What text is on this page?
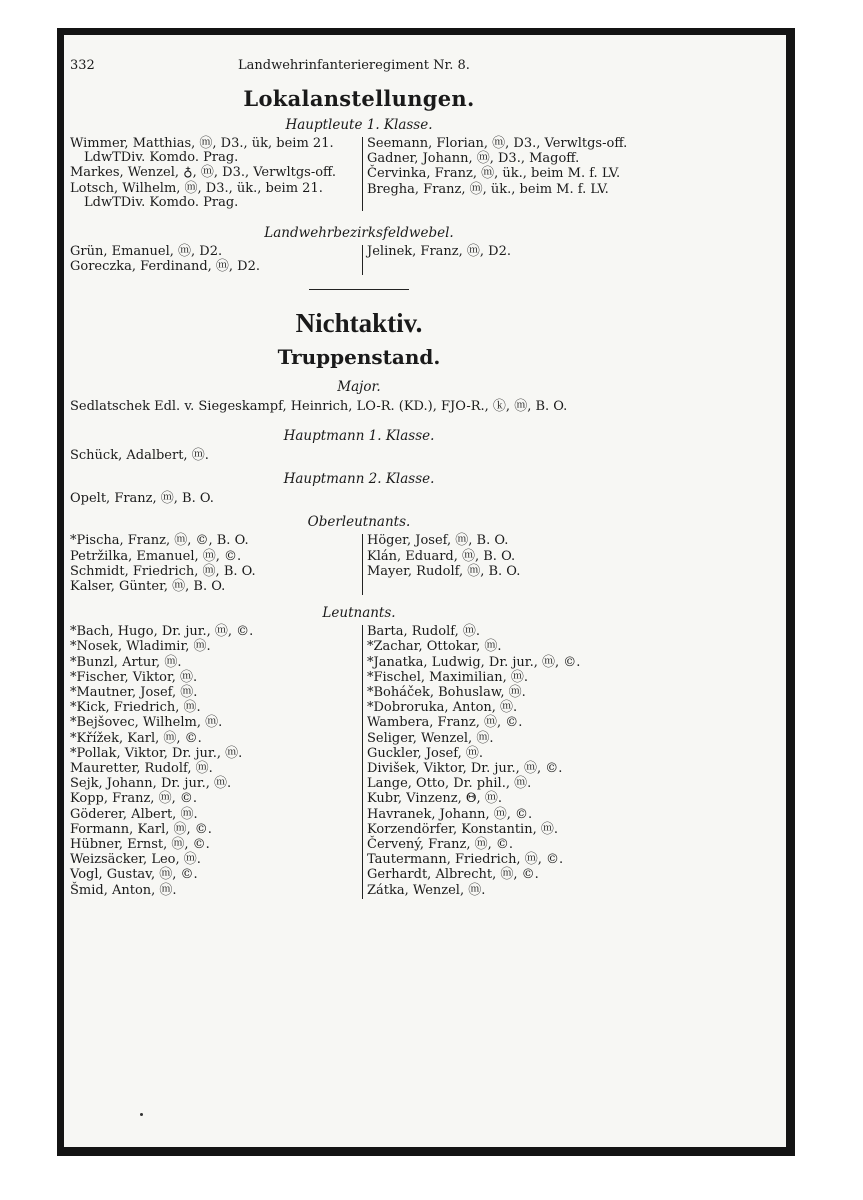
332	Landwehrinfanterieregiment Nr. 8.
Lokalanstellungen.
Hauptleute 1. Klasse.
Wimmer, Matthias, ⓜ, D3., ük, beim 21. LdwTDiv. Komdo. Prag.
Markes, Wenzel, ♁, ⓜ, D3., Verwltgs-off.
Lotsch, Wilhelm, ⓜ, D3., ük., beim 21. LdwTDiv. Komdo. Prag.
Seemann, Florian, ⓜ, D3., Verwltgs-off.
Gadner, Johann, ⓜ, D3., Magoff.
Červinka, Franz, ⓜ, ük., beim M. f. LV.
Bregha, Franz, ⓜ, ük., beim M. f. LV.
Landwehrbezirksfeldwebel.
Grün, Emanuel, ⓜ, D2.
Goreczka, Ferdinand, ⓜ, D2.
Jelinek, Franz, ⓜ, D2.

Nichtaktiv.
Truppenstand.
Major.
Sedlatschek Edl. v. Siegeskampf, Heinrich, LO-R. (KD.), FJO-R., ⓚ, ⓜ, B. O.
Hauptmann 1. Klasse.
Schück, Adalbert, ⓜ.
Hauptmann 2. Klasse.
Opelt, Franz, ⓜ, B. O.
Oberleutnants.
*Pischa, Franz, ⓜ, ©, B. O.
Petržilka, Emanuel, ⓜ, ©.
Schmidt, Friedrich, ⓜ, B. O.
Kalser, Günter, ⓜ, B. O.
Höger, Josef, ⓜ, B. O.
Klán, Eduard, ⓜ, B. O.
Mayer, Rudolf, ⓜ, B. O.
Leutnants.
*Bach, Hugo, Dr. jur., ⓜ, ©.
*Nosek, Wladimir, ⓜ.
*Bunzl, Artur, ⓜ.
*Fischer, Viktor, ⓜ.
*Mautner, Josef, ⓜ.
*Kick, Friedrich, ⓜ.
*Bejšovec, Wilhelm, ⓜ.
*Křížek, Karl, ⓜ, ©.
*Pollak, Viktor, Dr. jur., ⓜ.
Mauretter, Rudolf, ⓜ.
Sejk, Johann, Dr. jur., ⓜ.
Kopp, Franz, ⓜ, ©.
Göderer, Albert, ⓜ.
Formann, Karl, ⓜ, ©.
Hübner, Ernst, ⓜ, ©.
Weizsäcker, Leo, ⓜ.
Vogl, Gustav, ⓜ, ©.
Šmid, Anton, ⓜ.
Barta, Rudolf, ⓜ.
*Zachar, Ottokar, ⓜ.
*Janatka, Ludwig, Dr. jur., ⓜ, ©.
*Fischel, Maximilian, ⓜ.
*Boháček, Bohuslaw, ⓜ.
*Dobroruka, Anton, ⓜ.
Wambera, Franz, ⓜ, ©.
Seliger, Wenzel, ⓜ.
Guckler, Josef, ⓜ.
Divišek, Viktor, Dr. jur., ⓜ, ©.
Lange, Otto, Dr. phil., ⓜ.
Kubr, Vinzenz, Θ, ⓜ.
Havranek, Johann, ⓜ, ©.
Korzendörfer, Konstantin, ⓜ.
Červený, Franz, ⓜ, ©.
Tautermann, Friedrich, ⓜ, ©.
Gerhardt, Albrecht, ⓜ, ©.
Zátka, Wenzel, ⓜ.
